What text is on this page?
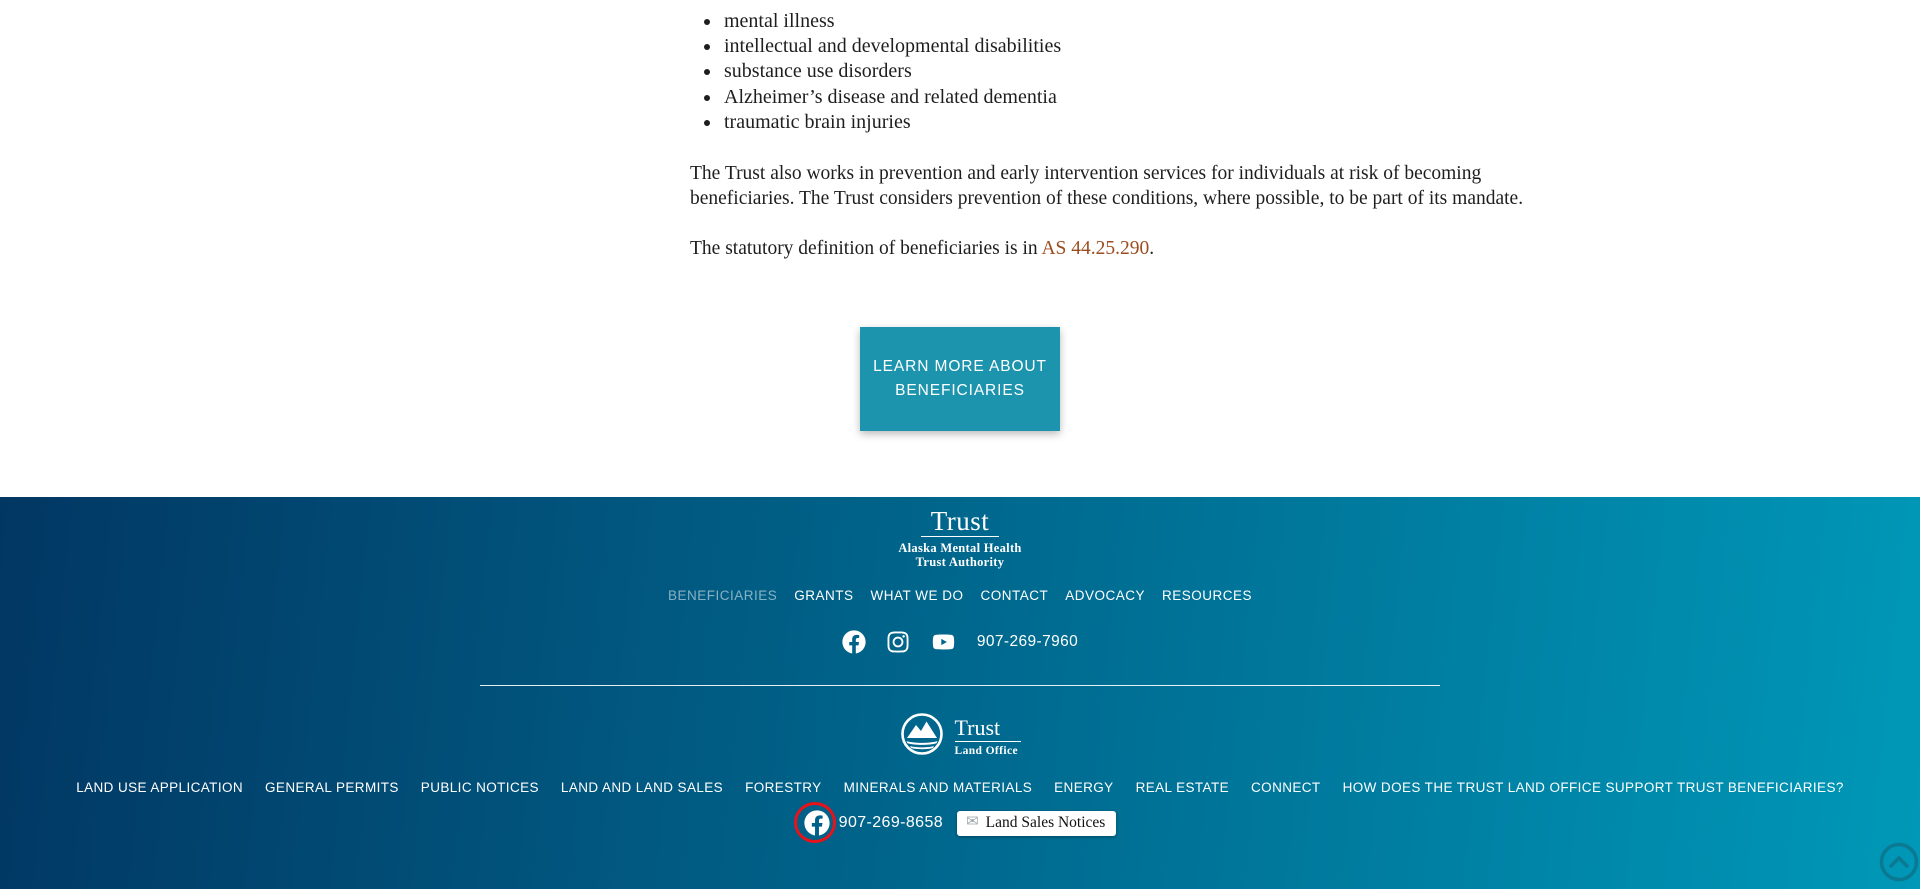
• mental illness
• intellectual and developmental disabilities
• substance use disorders
• Alzheimer’s disease and related dementia
• traumatic brain injuries

The Trust also works in prevention and early intervention services for individuals at risk of becoming beneficiaries. The Trust considers prevention of these conditions, where possible, to be part of its mandate.

The statutory definition of beneficiaries is in AS 44.25.290.

LEARN MORE ABOUT BENEFICIARIES
Trust
Alaska Mental Health
Trust Authority
BENEFICIARIES GRANTS WHAT WE DO CONTACT ADVOCACY RESOURCES
907-269-7960
Trust
Land Office
LAND USE APPLICATION GENERAL PERMITS PUBLIC NOTICES LAND AND LAND SALES FORESTRY MINERALS AND MATERIALS ENERGY REAL ESTATE CONNECT HOW DOES THE TRUST LAND OFFICE SUPPORT TRUST BENEFICIARIES?
907-269-8658 ✉ Land Sales Notices
